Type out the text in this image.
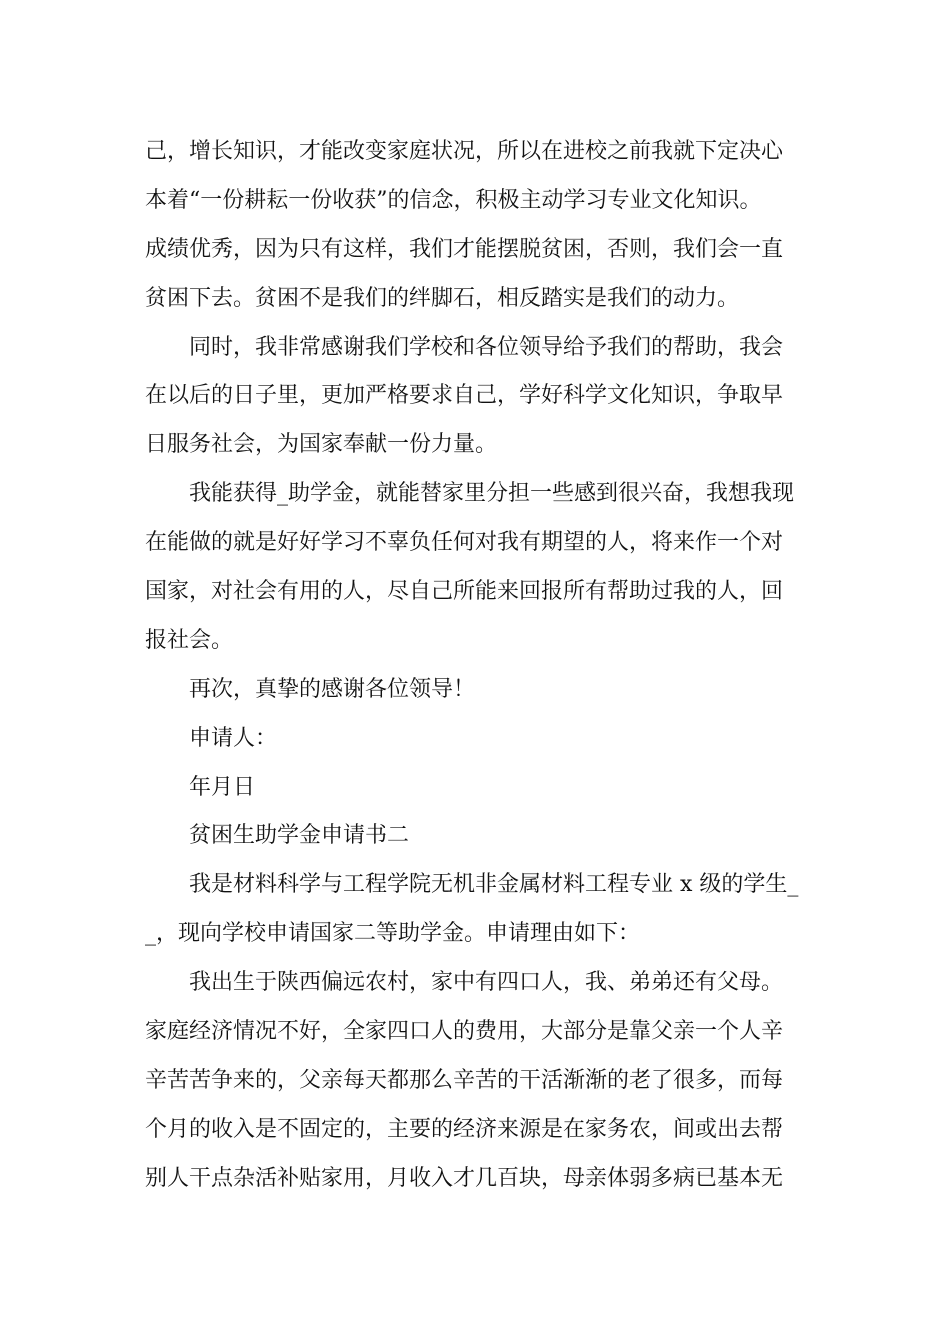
己，增长知识，才能改变家庭状况，所以在进校之前我就下定决心
本着“一份耕耘一份收获”的信念，积极主动学习专业文化知识。
成绩优秀，因为只有这样，我们才能摆脱贫困，否则，我们会一直
贫困下去。贫困不是我们的绊脚石，相反踏实是我们的动力。
同时，我非常感谢我们学校和各位领导给予我们的帮助，我会
在以后的日子里，更加严格要求自己，学好科学文化知识，争取早
日服务社会，为国家奉献一份力量。
我能获得_助学金，就能替家里分担一些感到很兴奋，我想我现
在能做的就是好好学习不辜负任何对我有期望的人，将来作一个对
国家，对社会有用的人，尽自己所能来回报所有帮助过我的人，回
报社会。
再次，真挚的感谢各位领导！
申请人：
年月日
贫困生助学金申请书二
我是材料科学与工程学院无机非金属材料工程专业 x 级的学生_
_，现向学校申请国家二等助学金。申请理由如下：
我出生于陕西偏远农村，家中有四口人，我、弟弟还有父母。
家庭经济情况不好，全家四口人的费用，大部分是靠父亲一个人辛
辛苦苦争来的，父亲每天都那么辛苦的干活渐渐的老了很多，而每
个月的收入是不固定的，主要的经济来源是在家务农，间或出去帮
别人干点杂活补贴家用，月收入才几百块，母亲体弱多病已基本无
